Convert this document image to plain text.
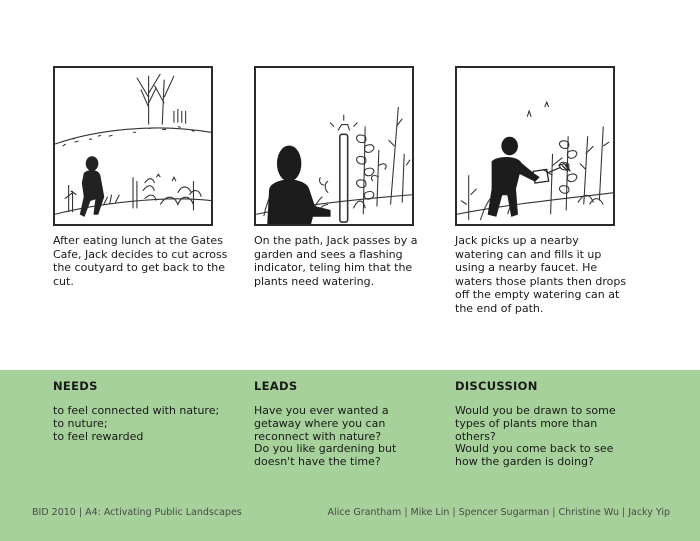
After eating lunch at the Gates Cafe, Jack decides to cut across the coutyard to get back to the cut.
On the path, Jack passes by a garden and sees a flashing indicator, teling him that the plants need watering.
Jack picks up a nearby watering can and fills it up using a nearby faucet. He waters those plants then drops off the empty watering can at the end of path.
NEEDS	LEADS	DISCUSSION
to feel connected with nature;
to nuture;
to feel rewarded
Have you ever wanted a getaway where you can reconnect with nature?
Do you like gardening but doesn't have the time?
Would you be drawn to some types of plants more than others?
Would you come back to see how the garden is doing?
BID 2010 | A4: Activating Public Landscapes	Alice Grantham | Mike Lin | Spencer Sugarman | Christine Wu | Jacky Yip
